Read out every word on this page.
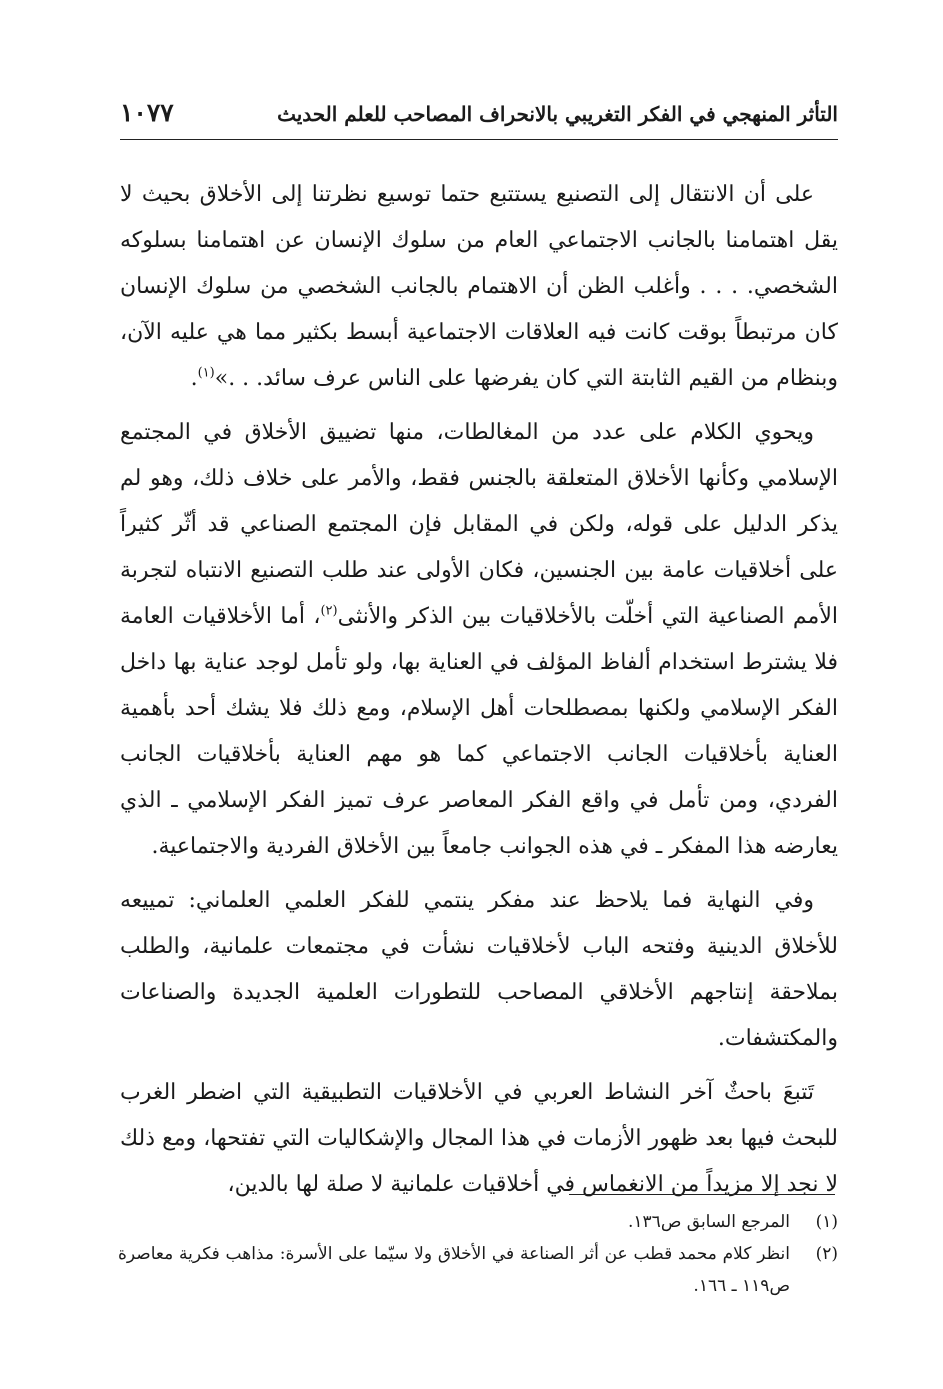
التأثر المنهجي في الفكر التغريبي بالانحراف المصاحب للعلم الحديث
١٠٧٧

على أن الانتقال إلى التصنيع يستتبع حتما توسيع نظرتنا إلى الأخلاق بحيث لا يقل اهتمامنا بالجانب الاجتماعي العام من سلوك الإنسان عن اهتمامنا بسلوكه الشخصي. . . . وأغلب الظن أن الاهتمام بالجانب الشخصي من سلوك الإنسان كان مرتبطاً بوقت كانت فيه العلاقات الاجتماعية أبسط بكثير مما هي عليه الآن، وبنظام من القيم الثابتة التي كان يفرضها على الناس عرف سائد. . .»$^{(١)}$.

ويحوي الكلام على عدد من المغالطات، منها تضييق الأخلاق في المجتمع الإسلامي وكأنها الأخلاق المتعلقة بالجنس فقط، والأمر على خلاف ذلك، وهو لم يذكر الدليل على قوله، ولكن في المقابل فإن المجتمع الصناعي قد أثّر كثيراً على أخلاقيات عامة بين الجنسين، فكان الأولى عند طلب التصنيع الانتباه لتجربة الأمم الصناعية التي أخلّت بالأخلاقيات بين الذكر والأنثى$^{(٢)}$، أما الأخلاقيات العامة فلا يشترط استخدام ألفاظ المؤلف في العناية بها، ولو تأمل لوجد عناية بها داخل الفكر الإسلامي ولكنها بمصطلحات أهل الإسلام، ومع ذلك فلا يشك أحد بأهمية العناية بأخلاقيات الجانب الاجتماعي كما هو مهم العناية بأخلاقيات الجانب الفردي، ومن تأمل في واقع الفكر المعاصر عرف تميز الفكر الإسلامي ـ الذي يعارضه هذا المفكر ـ في هذه الجوانب جامعاً بين الأخلاق الفردية والاجتماعية.

وفي النهاية فما يلاحظ عند مفكر ينتمي للفكر العلمي العلماني: تمييعه للأخلاق الدينية وفتحه الباب لأخلاقيات نشأت في مجتمعات علمانية، والطلب بملاحقة إنتاجهم الأخلاقي المصاحب للتطورات العلمية الجديدة والصناعات والمكتشفات.

تَتبعَ باحثٌ آخر النشاط العربي في الأخلاقيات التطبيقية التي اضطر الغرب للبحث فيها بعد ظهور الأزمات في هذا المجال والإشكاليات التي تفتحها، ومع ذلك لا نجد إلا مزيداً من الانغماس في أخلاقيات علمانية لا صلة لها بالدين،

(١)
المرجع السابق ص١٣٦.
(٢)
انظر كلام محمد قطب عن أثر الصناعة في الأخلاق ولا سيّما على الأسرة: مذاهب فكرية معاصرة ص١١٩ ـ ١٦٦.
